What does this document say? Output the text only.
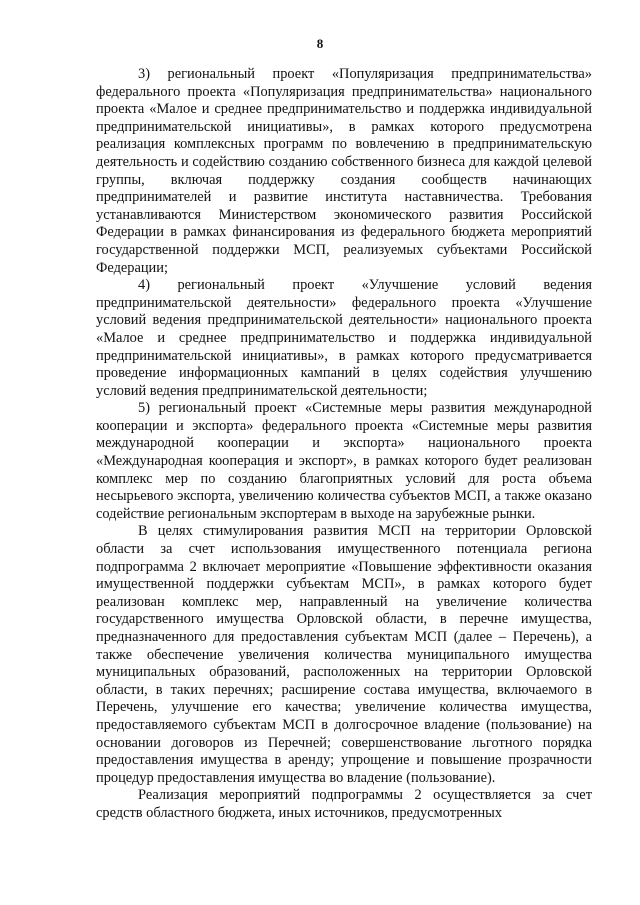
8

3) региональный проект «Популяризация предпринимательства» федерального проекта «Популяризация предпринимательства» национального проекта «Малое и среднее предпринимательство и поддержка индивидуальной предпринимательской инициативы», в рамках которого предусмотрена реализация комплексных программ по вовлечению в предпринимательскую деятельность и содействию созданию собственного бизнеса для каждой целевой группы, включая поддержку создания сообществ начинающих предпринимателей и развитие института наставничества. Требования устанавливаются Министерством экономического развития Российской Федерации в рамках финансирования из федерального бюджета мероприятий государственной поддержки МСП, реализуемых субъектами Российской Федерации;

4) региональный проект «Улучшение условий ведения предпринимательской деятельности» федерального проекта «Улучшение условий ведения предпринимательской деятельности» национального проекта «Малое и среднее предпринимательство и поддержка индивидуальной предпринимательской инициативы», в рамках которого предусматривается проведение информационных кампаний в целях содействия улучшению условий ведения предпринимательской деятельности;

5) региональный проект «Системные меры развития международной кооперации и экспорта» федерального проекта «Системные меры развития международной кооперации и экспорта» национального проекта «Международная кооперация и экспорт», в рамках которого будет реализован комплекс мер по созданию благоприятных условий для роста объема несырьевого экспорта, увеличению количества субъектов МСП, а также оказано содействие региональным экспортерам в выходе на зарубежные рынки.

В целях стимулирования развития МСП на территории Орловской области за счет использования имущественного потенциала региона подпрограмма 2 включает мероприятие «Повышение эффективности оказания имущественной поддержки субъектам МСП», в рамках которого будет реализован комплекс мер, направленный на увеличение количества государственного имущества Орловской области, в перечне имущества, предназначенного для предоставления субъектам МСП (далее – Перечень), а также обеспечение увеличения количества муниципального имущества муниципальных образований, расположенных на территории Орловской области, в таких перечнях; расширение состава имущества, включаемого в Перечень, улучшение его качества; увеличение количества имущества, предоставляемого субъектам МСП в долгосрочное владение (пользование) на основании договоров из Перечней; совершенствование льготного порядка предоставления имущества в аренду; упрощение и повышение прозрачности процедур предоставления имущества во владение (пользование).

Реализация мероприятий подпрограммы 2 осуществляется за счет средств областного бюджета, иных источников, предусмотренных
